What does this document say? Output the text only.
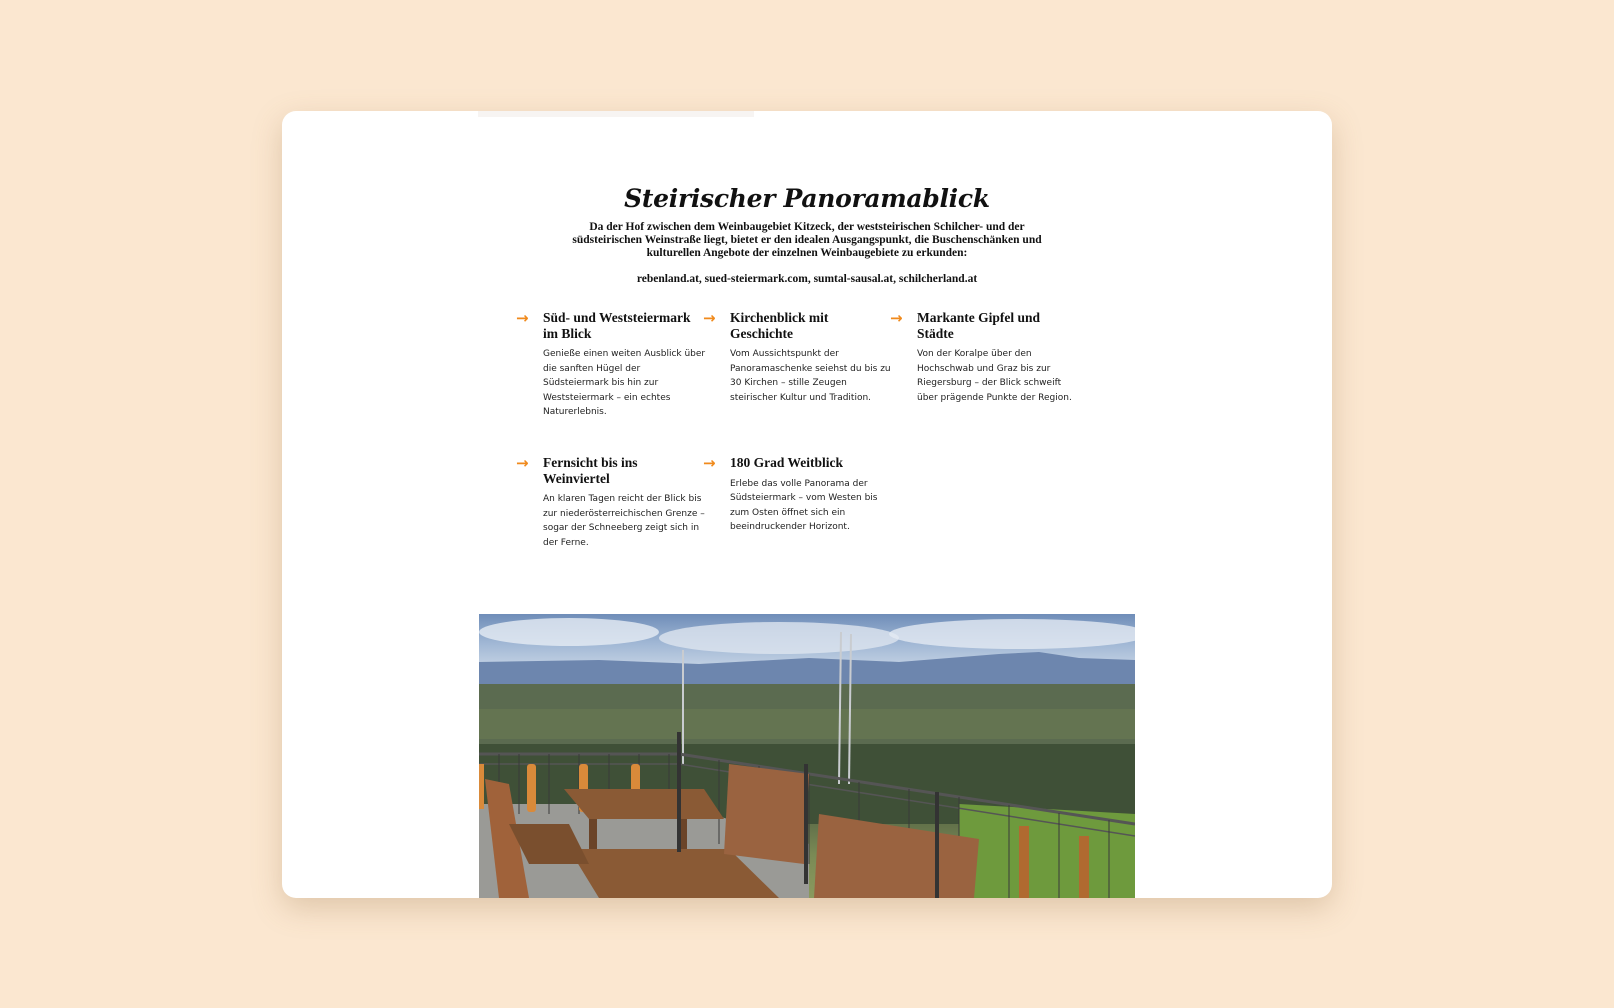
Steirischer Panoramablick
Da der Hof zwischen dem Weinbaugebiet Kitzeck, der weststeirischen Schilcher- und der südsteirischen Weinstraße liegt, bietet er den idealen Ausgangspunkt, die Buschenschänken und kulturellen Angebote der einzelnen Weinbaugebiete zu erkunden:
rebenland.at, sued-steiermark.com, sumtal-sausal.at, schilcherland.at
→	Süd- und Weststeiermark im Blick

Genieße einen weiten Ausblick über die sanften Hügel der Südsteiermark bis hin zur Weststeiermark – ein echtes Naturerlebnis.

→	Kirchenblick mit Geschichte

Vom Aussichtspunkt der Panoramaschenke seiehst du bis zu 30 Kirchen – stille Zeugen steirischer Kultur und Tradition.

→	Markante Gipfel und Städte

Von der Koralpe über den Hochschwab und Graz bis zur Riegersburg – der Blick schweift über prägende Punkte der Region.

→	Fernsicht bis ins Weinviertel

An klaren Tagen reicht der Blick bis zur niederösterreichischen Grenze – sogar der Schneeberg zeigt sich in der Ferne.

→	180 Grad Weitblick

Erlebe das volle Panorama der Südsteiermark – vom Westen bis zum Osten öffnet sich ein beeindruckender Horizont.
